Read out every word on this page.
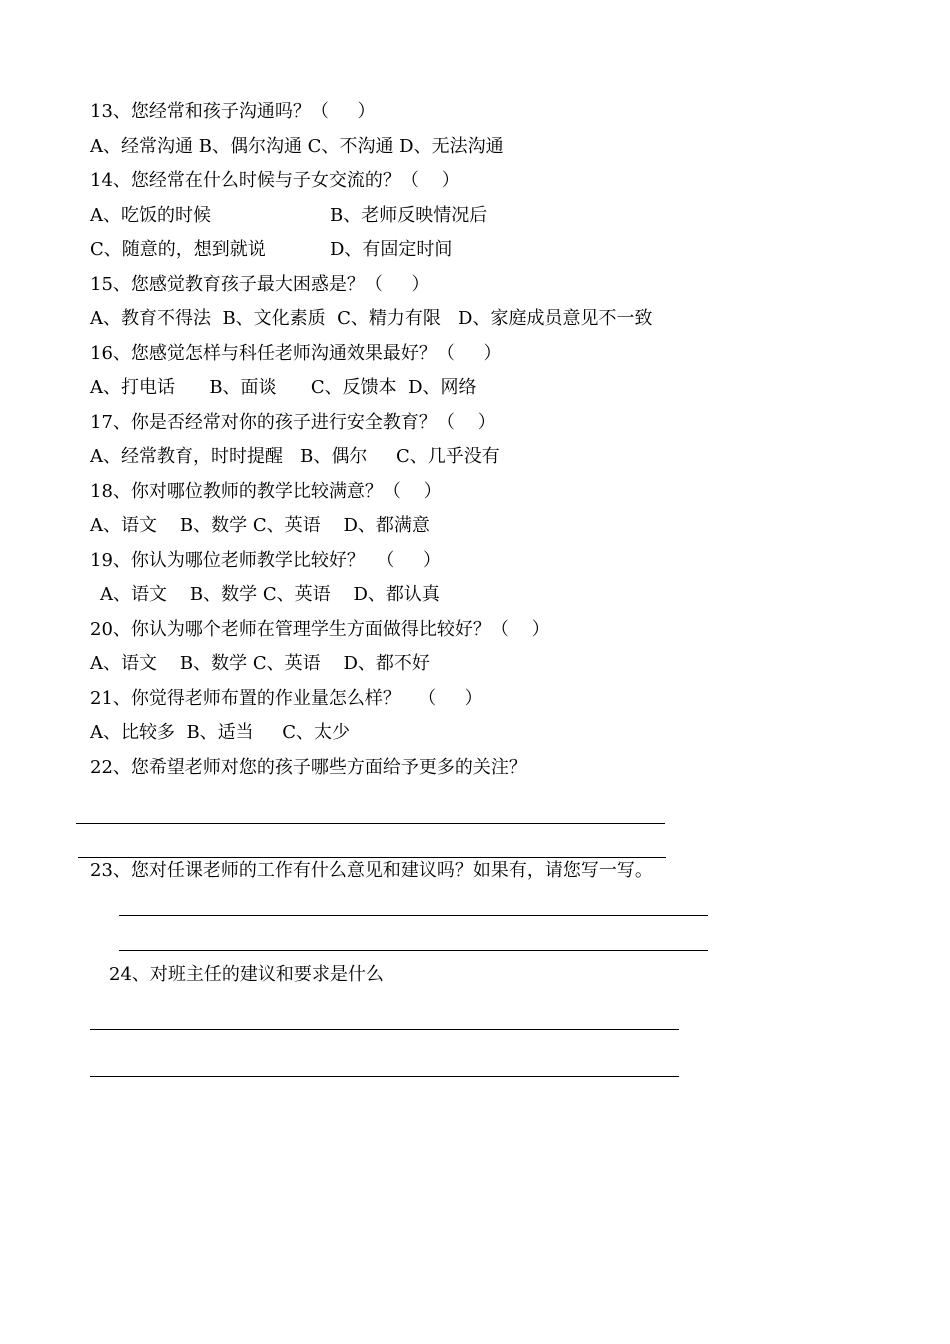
13、您经常和孩子沟通吗？（     ）
A、经常沟通 B、偶尔沟通 C、不沟通 D、无法沟通
14、您经常在什么时候与子女交流的？（    ）
A、吃饭的时候	B、老师反映情况后
C、随意的，想到就说	D、有固定时间
15、您感觉教育孩子最大困惑是？（     ）
A、教育不得法  B、文化素质  C、精力有限   D、家庭成员意见不一致
16、您感觉怎样与科任老师沟通效果最好？（     ）
A、打电话      B、面谈      C、反馈本  D、网络
17、你是否经常对你的孩子进行安全教育？（    ）
A、经常教育，时时提醒   B、偶尔     C、几乎没有
18、你对哪位教师的教学比较满意？（    ）
A、语文    B、数学 C、英语    D、都满意
19、你认为哪位老师教学比较好？  （     ）
A、语文    B、数学 C、英语    D、都认真
20、你认为哪个老师在管理学生方面做得比较好？（    ）
A、语文    B、数学 C、英语    D、都不好
21、你觉得老师布置的作业量怎么样？   （     ）
A、比较多  B、适当     C、太少
22、您希望老师对您的孩子哪些方面给予更多的关注？
23、您对任课老师的工作有什么意见和建议吗？如果有，请您写一写。
24、对班主任的建议和要求是什么
